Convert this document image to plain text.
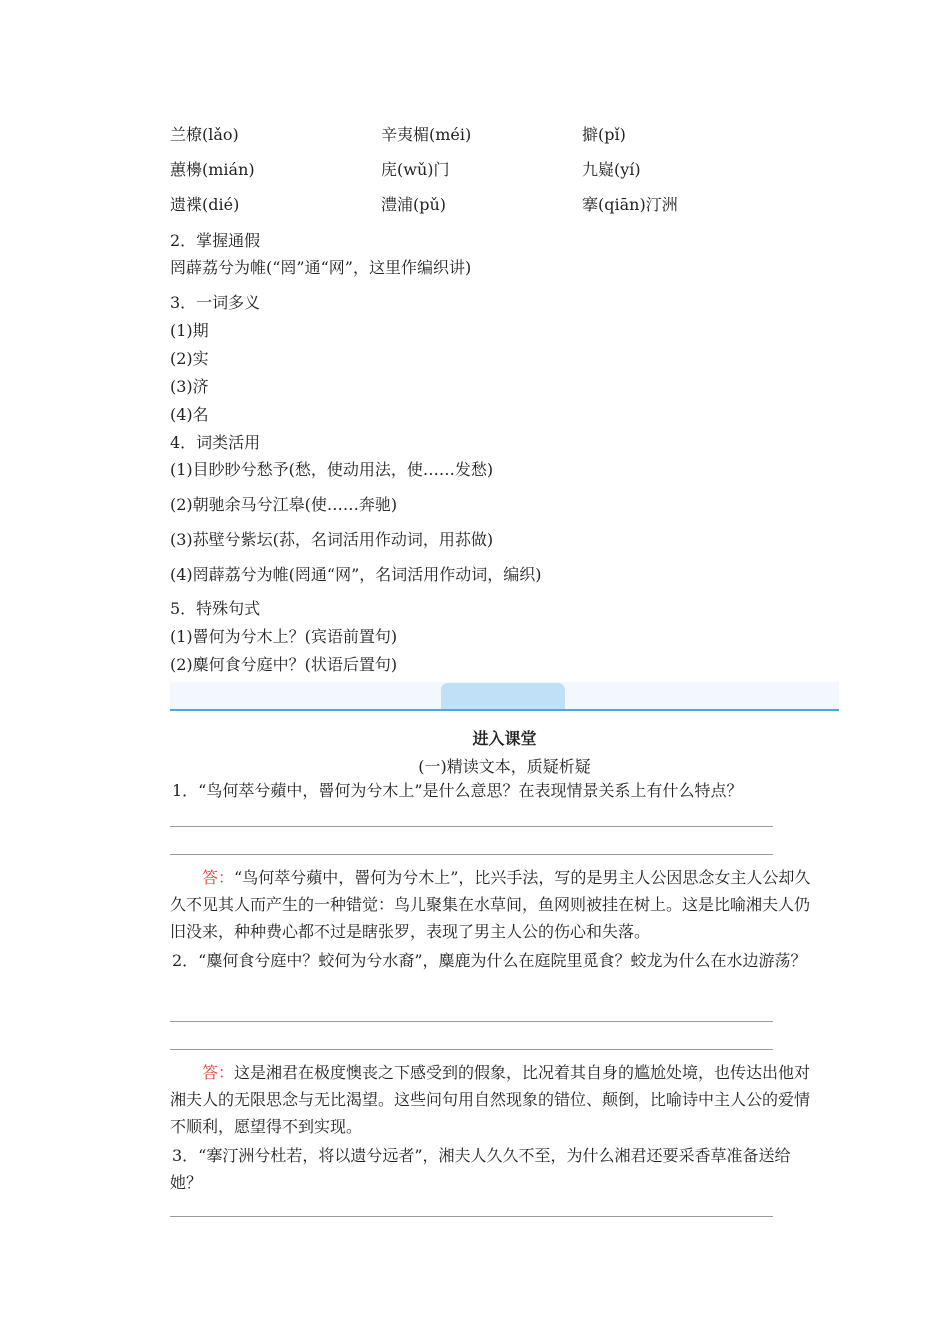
兰橑(lǎo)	辛夷楣(méi)	擗(pǐ)
蕙櫋(mián)	庑(wǔ)门	九嶷(yí)
遗褋(dié)	澧浦(pǔ)	搴(qiān)汀洲
2．掌握通假
罔薜荔兮为帷(“罔”通“网”，这里作编织讲)
3．一词多义
(1)期
(2)实
(3)济
(4)名
4．词类活用
(1)目眇眇兮愁予(愁，使动用法，使……发愁)
(2)朝驰余马兮江皋(使……奔驰)
(3)荪壁兮紫坛(荪，名词活用作动词，用荪做)
(4)罔薜荔兮为帷(罔通“网”，名词活用作动词，编织)
5．特殊句式
(1)罾何为兮木上？(宾语前置句)
(2)麋何食兮庭中？(状语后置句)
进入课堂
(一)精读文本，质疑析疑
1．“鸟何萃兮蘋中，罾何为兮木上”是什么意思？在表现情景关系上有什么特点？
答：“鸟何萃兮蘋中，罾何为兮木上”，比兴手法，写的是男主人公因思念女主人公却久久不见其人而产生的一种错觉：鸟儿聚集在水草间，鱼网则被挂在树上。这是比喻湘夫人仍旧没来，种种费心都不过是瞎张罗，表现了男主人公的伤心和失落。
2．“麋何食兮庭中？蛟何为兮水裔”，麋鹿为什么在庭院里觅食？蛟龙为什么在水边游荡？
答：这是湘君在极度懊丧之下感受到的假象，比况着其自身的尴尬处境，也传达出他对湘夫人的无限思念与无比渴望。这些问句用自然现象的错位、颠倒，比喻诗中主人公的爱情不顺利，愿望得不到实现。
3．“搴汀洲兮杜若，将以遗兮远者”，湘夫人久久不至，为什么湘君还要采香草准备送给她？
